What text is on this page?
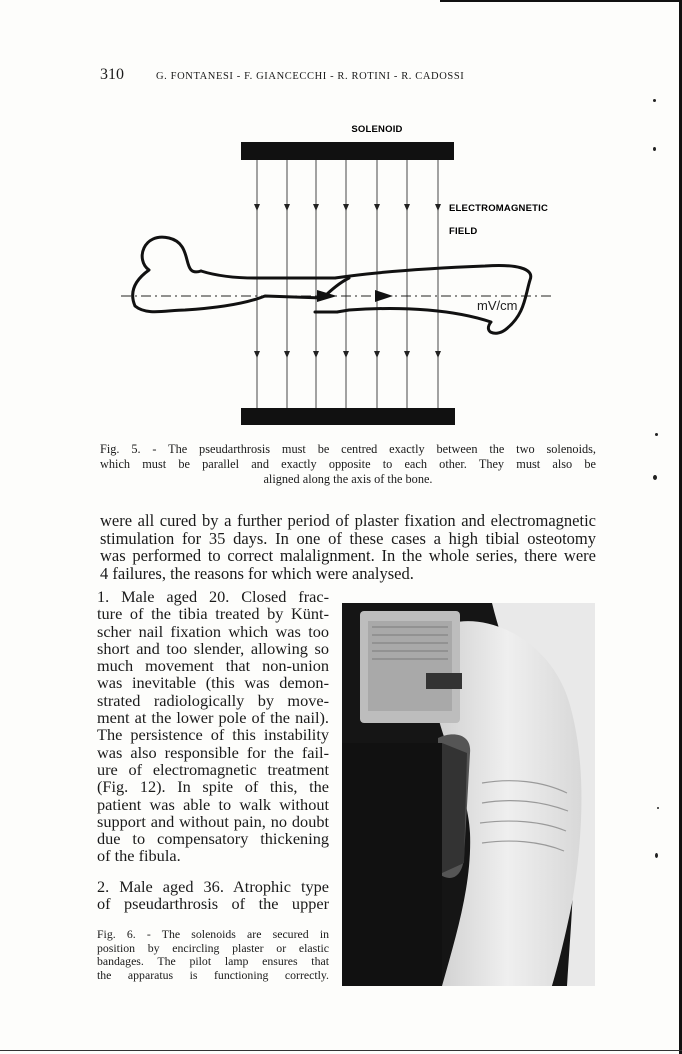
310	G. FONTANESI - F. GIANCECCHI - R. ROTINI - R. CADOSSI
SOLENOID
ELECTROMAGNETIC
FIELD
mV/cm
Fig. 5. - The pseudarthrosis must be centred exactly between the two solenoids,
which must be parallel and exactly opposite to each other. They must also be
aligned along the axis of the bone.
were all cured by a further period of plaster fixation and electromagnetic
stimulation for 35 days. In one of these cases a high tibial osteotomy
was performed to correct malalignment. In the whole series, there were
4 failures, the reasons for which were analysed.
1. Male aged 20. Closed frac-
ture of the tibia treated by Künt-
scher nail fixation which was too
short and too slender, allowing so
much movement that non-union
was inevitable (this was demon-
strated radiologically by move-
ment at the lower pole of the nail).
The persistence of this instability
was also responsible for the fail-
ure of electromagnetic treatment
(Fig. 12). In spite of this, the
patient was able to walk without
support and without pain, no doubt
due to compensatory thickening
of the fibula.
2. Male aged 36. Atrophic type
of pseudarthrosis of the upper
Fig. 6. - The solenoids are secured in
position by encircling plaster or elastic
bandages. The pilot lamp ensures that
the apparatus is functioning correctly.
